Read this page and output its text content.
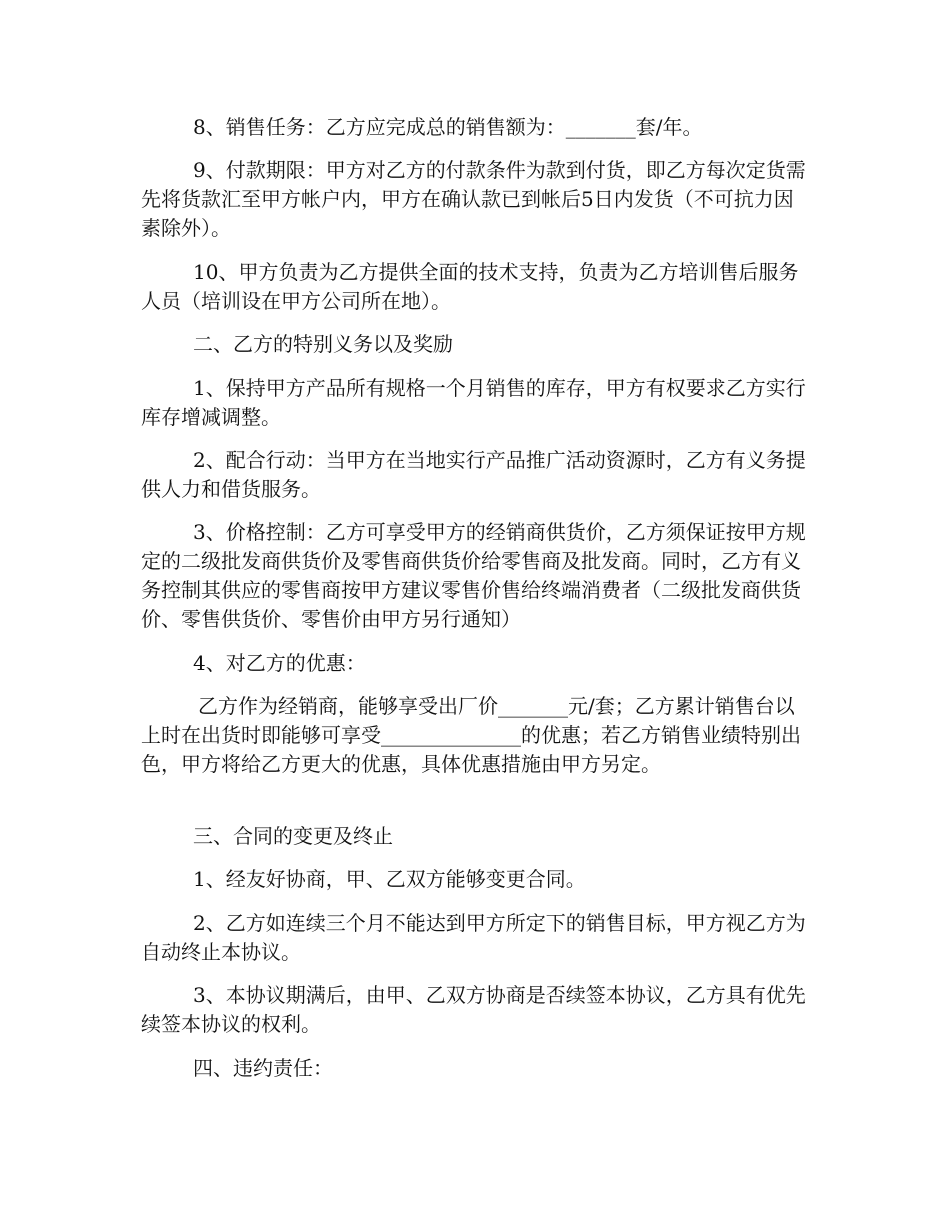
8、销售任务：乙方应完成总的销售额为：_______套/年。

9、付款期限：甲方对乙方的付款条件为款到付货，即乙方每次定货需先将货款汇至甲方帐户内，甲方在确认款已到帐后5日内发货（不可抗力因素除外）。

10、甲方负责为乙方提供全面的技术支持，负责为乙方培训售后服务人员（培训设在甲方公司所在地）。

二、乙方的特别义务以及奖励

1、保持甲方产品所有规格一个月销售的库存，甲方有权要求乙方实行库存增减调整。

2、配合行动：当甲方在当地实行产品推广活动资源时，乙方有义务提供人力和借货服务。

3、价格控制：乙方可享受甲方的经销商供货价，乙方须保证按甲方规定的二级批发商供货价及零售商供货价给零售商及批发商。同时，乙方有义务控制其供应的零售商按甲方建议零售价售给终端消费者（二级批发商供货价、零售供货价、零售价由甲方另行通知）

4、对乙方的优惠：

乙方作为经销商，能够享受出厂价_______元/套；乙方累计销售台以上时在出货时即能够可享受______________的优惠；若乙方销售业绩特别出色，甲方将给乙方更大的优惠，具体优惠措施由甲方另定。

三、合同的变更及终止

1、经友好协商，甲、乙双方能够变更合同。

2、乙方如连续三个月不能达到甲方所定下的销售目标，甲方视乙方为自动终止本协议。

3、本协议期满后，由甲、乙双方协商是否续签本协议，乙方具有优先续签本协议的权利。

四、违约责任：
